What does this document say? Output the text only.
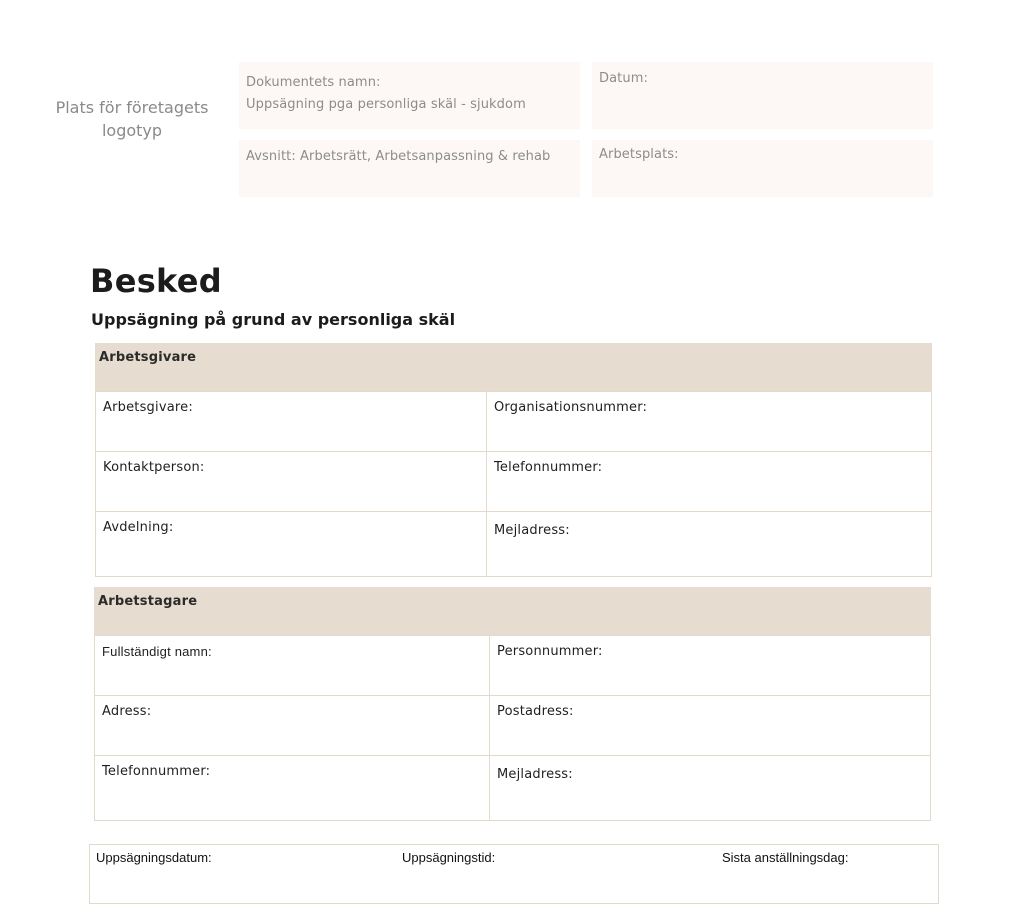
Plats för företagets
logotyp
Dokumentets namn:
Uppsägning pga personliga skäl - sjukdom
Datum:
Avsnitt: Arbetsrätt, Arbetsanpassning & rehab	Arbetsplats:
Besked
Uppsägning på grund av personliga skäl
Arbetsgivare
Arbetsgivare:	Organisationsnummer:
Kontaktperson:	Telefonnummer:
Avdelning:	Mejladress:
Arbetstagare
Fullständigt namn:	Personnummer:
Adress:	Postadress:
Telefonnummer:	Mejladress:
Uppsägningsdatum:	Uppsägningstid:	Sista anställningsdag:
